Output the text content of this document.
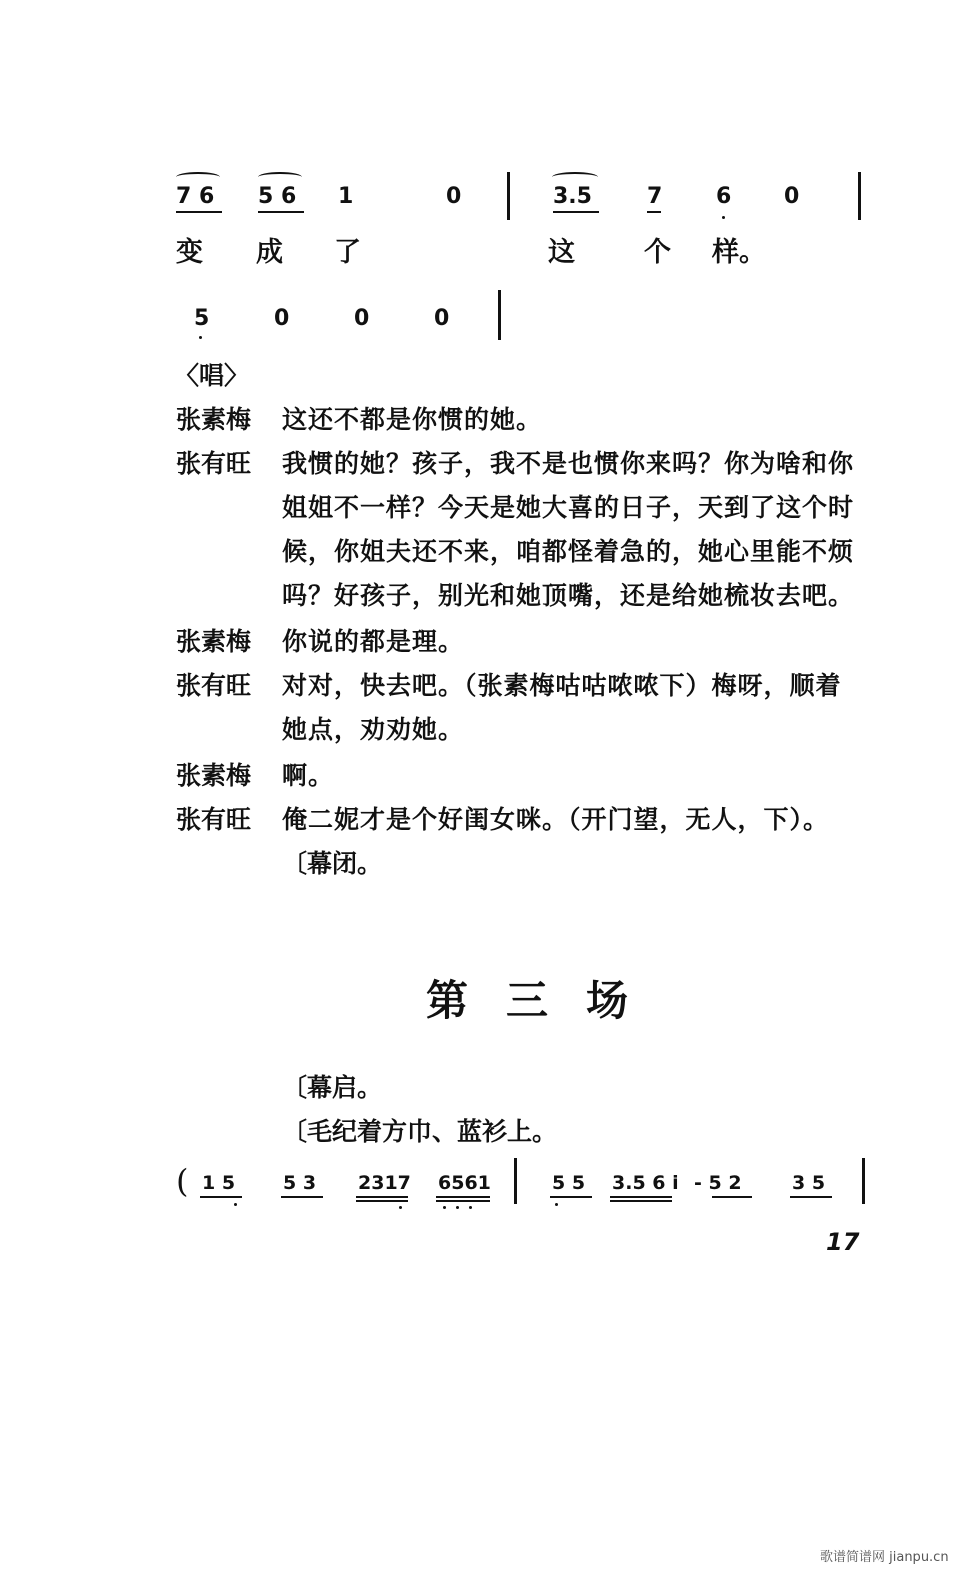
7 6 5 6 1	0	3.5	7 6 0
变 成 了	这	个 样。
5	0	0	0
〈唱〉
张素梅 这还不都是你惯的她。
张有旺 我惯的她？孩子，我不是也惯你来吗？你为啥和你
姐姐不一样？今天是她大喜的日子，天到了这个时
候，你姐夫还不来，咱都怪着急的，她心里能不烦
吗？好孩子，别光和她顶嘴，还是给她梳妆去吧。
张素梅 你说的都是理。
张有旺 对对，快去吧。（张素梅咕咕哝哝下）梅呀，顺着
她点，劝劝她。
张素梅 啊。
张有旺 俺二妮才是个好闺女咪。（开门望，无人，下）。
〔幕闭。
第三场
〔幕启。
〔毛纪着方巾、蓝衫上。
( 1 5	5 3 2317 6561	5 5 3.5 6 i - 5 2	3 5
17
歌谱简谱网 jianpu.cn
